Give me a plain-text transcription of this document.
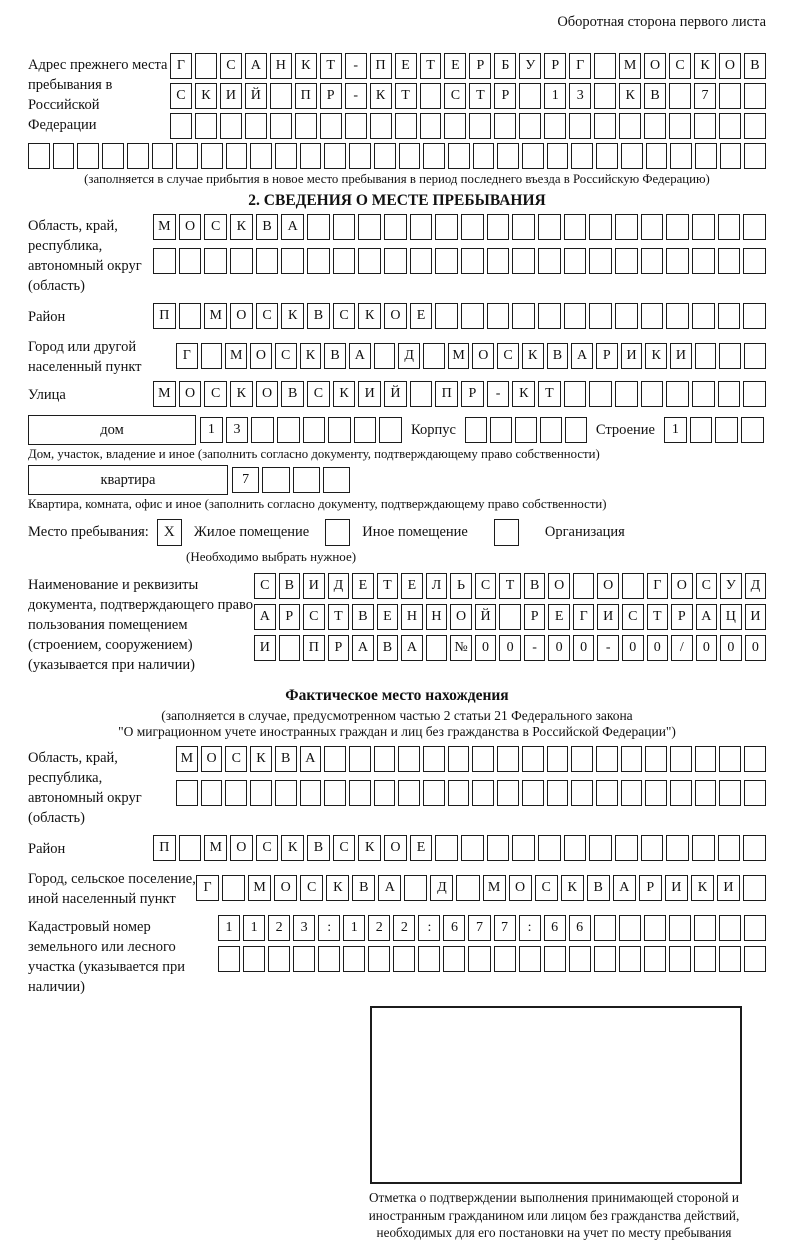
Оборотная сторона первого листа
Адрес прежнего места пребывания в Российской Федерации
Г	С	А	Н	К	Т	-	П	Е	Т	Е	Р	Б	У	Р	Г	М О	С	К	О	В
С	К	И	Й	П	Р	-	К	Т	С	Т	Р	1	3	К	В	7
(заполняется в случае прибытия в новое место пребывания в период последнего въезда в Российскую Федерацию)
2. СВЕДЕНИЯ О МЕСТЕ ПРЕБЫВАНИЯ
Область, край, республика, автономный округ (область)
М	О	С	К	В	А
Район	П	М	О	С	К	В	С	К	О	Е
Город или другой населенный пункт
Г	М О	С	К	В	А	Д	М О	С	К	В	А	Р	И	К	И
Улица	М	О	С	К	О	В	С	К	И	Й	П	Р	-	К	Т
дом	1	3	Корпус	Строение	1
Дом, участок, владение и иное (заполнить согласно документу, подтверждающему право собственности)
квартира	7
Квартира, комната, офис и иное (заполнить согласно документу, подтверждающему право собственности)
Место пребывания:	X	Жилое помещение	Иное помещение	Организация
(Необходимо выбрать нужное)
Наименование и реквизиты документа, подтверждающего право пользования помещением (строением, сооружением) (указывается при наличии)
С	В	И	Д	Е	Т	Е	Л	Ь	С	Т	В	О	О	Г	О	С	У	Д
А	Р	С	Т	В	Е	Н	Н	О	Й	Р	Е	Г	И	С	Т	Р	А	Ц	И
И	П	Р	А	В	А	№	0	0	-	0	0	-	0	0	/	0	0	0
Фактическое место нахождения
(заполняется в случае, предусмотренном частью 2 статьи 21 Федерального закона
"О миграционном учете иностранных граждан и лиц без гражданства в Российской Федерации")
Область, край, республика, автономный округ (область)
М О	С	К	В	А
Район	П	М	О	С	К	В	С	К	О	Е
Город, сельское поселение, иной населенный пункт
Г	М	О	С	К	В	А	Д	М	О	С	К	В	А	Р	И	К	И
Кадастровый номер земельного или лесного участка (указывается при наличии)
1	1	2	3	:	1	2	2	:	6	7	7	:	6	6
Отметка о подтверждении выполнения принимающей стороной и иностранным гражданином или лицом без гражданства действий, необходимых для его постановки на учет по месту пребывания
